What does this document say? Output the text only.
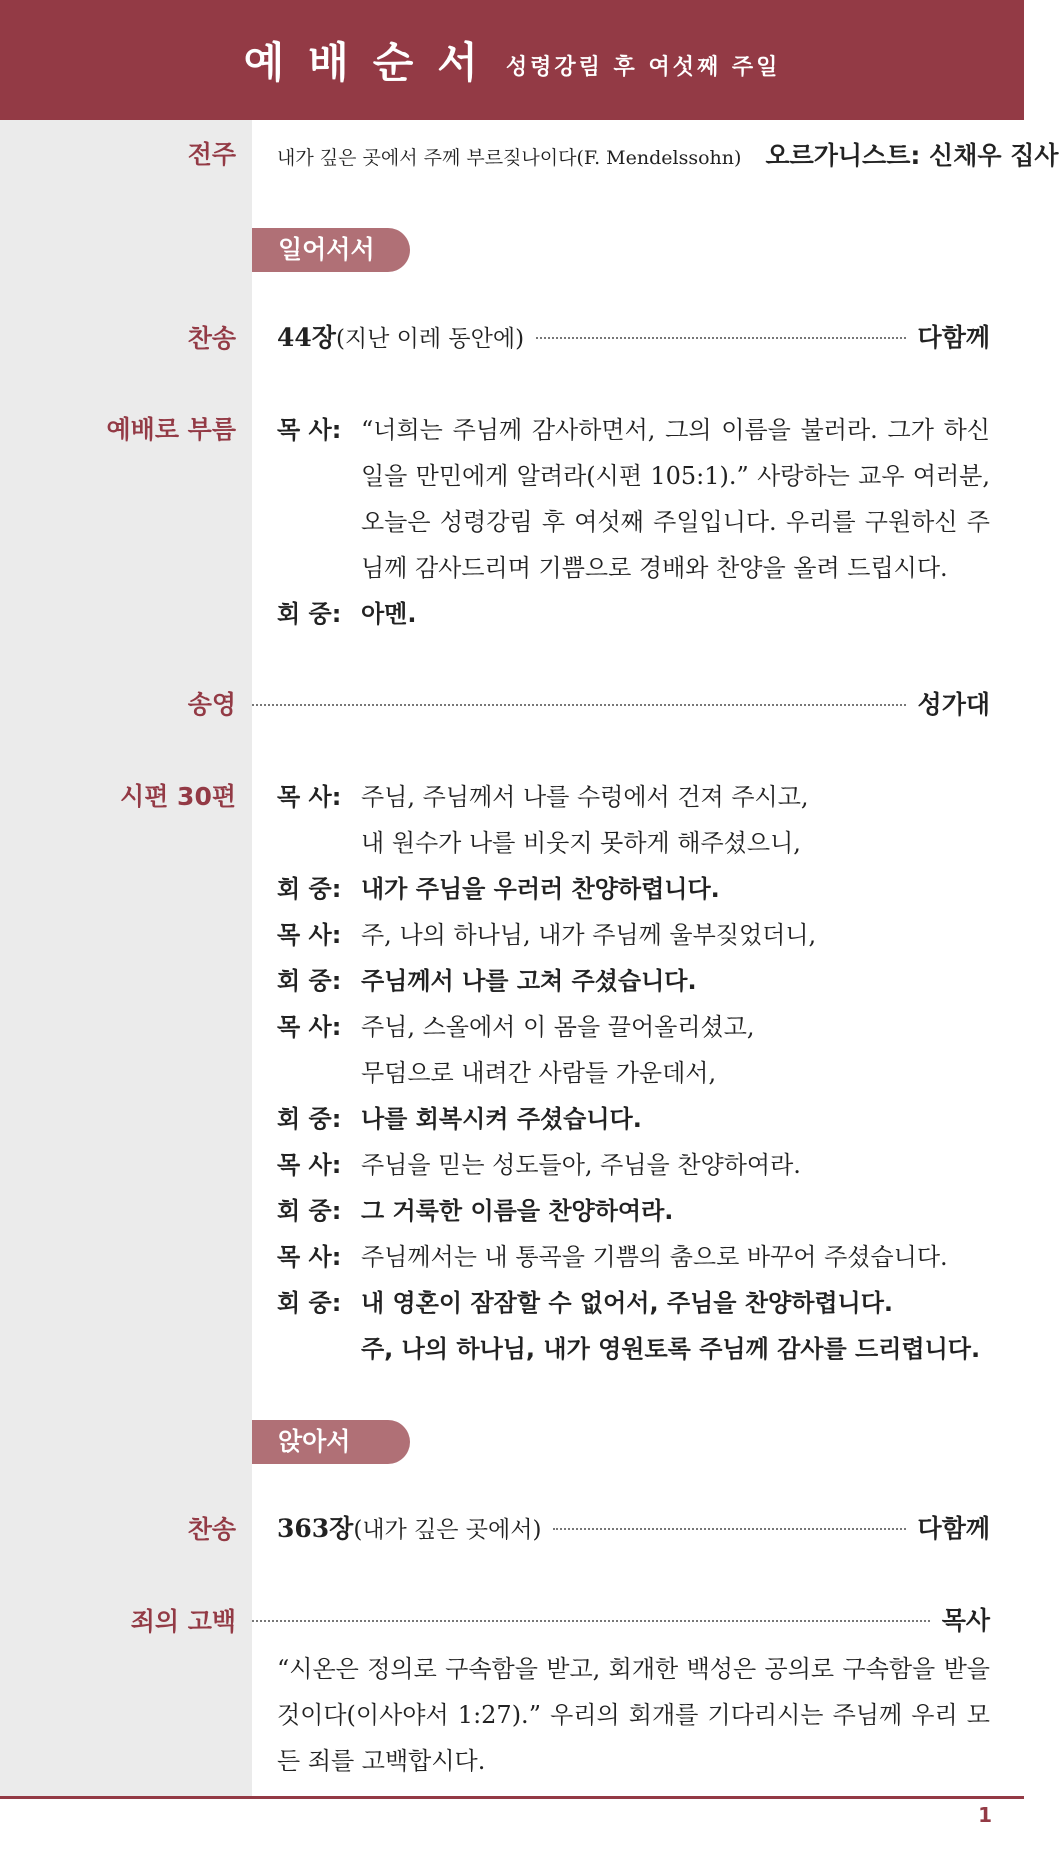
예배순서 성령강림 후 여섯째 주일
전주 내가 깊은 곳에서 주께 부르짖나이다(F. Mendelssohn) 오르가니스트: 신채우 집사
일어서서
찬송 44장 (지난 이레 동안에)	다함께
예배로 부름 목 사: “너희는 주님께 감사하면서, 그의 이름을 불러라. 그가 하신 일을 만민에게 알려라(시편 105:1).” 사랑하는 교우 여러분, 오늘은 성령강림 후 여섯째 주일입니다. 우리를 구원하신 주님께 감사드리며 기쁨으로 경배와 찬양을 올려 드립시다.
회 중: 아멘.
송영	성가대
시편 30편 목 사: 주님, 주님께서 나를 수렁에서 건져 주시고,
내 원수가 나를 비웃지 못하게 해주셨으니,
회 중: 내가 주님을 우러러 찬양하렵니다.
목 사: 주, 나의 하나님, 내가 주님께 울부짖었더니,
회 중: 주님께서 나를 고쳐 주셨습니다.
목 사: 주님, 스올에서 이 몸을 끌어올리셨고,
무덤으로 내려간 사람들 가운데서,
회 중: 나를 회복시켜 주셨습니다.
목 사: 주님을 믿는 성도들아, 주님을 찬양하여라.
회 중: 그 거룩한 이름을 찬양하여라.
목 사: 주님께서는 내 통곡을 기쁨의 춤으로 바꾸어 주셨습니다.
회 중: 내 영혼이 잠잠할 수 없어서, 주님을 찬양하렵니다.
주, 나의 하나님, 내가 영원토록 주님께 감사를 드리렵니다.
앉아서
찬송 363장 (내가 깊은 곳에서)	다함께
죄의 고백	목사
“시온은 정의로 구속함을 받고, 회개한 백성은 공의로 구속함을 받을 것이다(이사야서 1:27).” 우리의 회개를 기다리시는 주님께 우리 모든 죄를 고백합시다.
1
